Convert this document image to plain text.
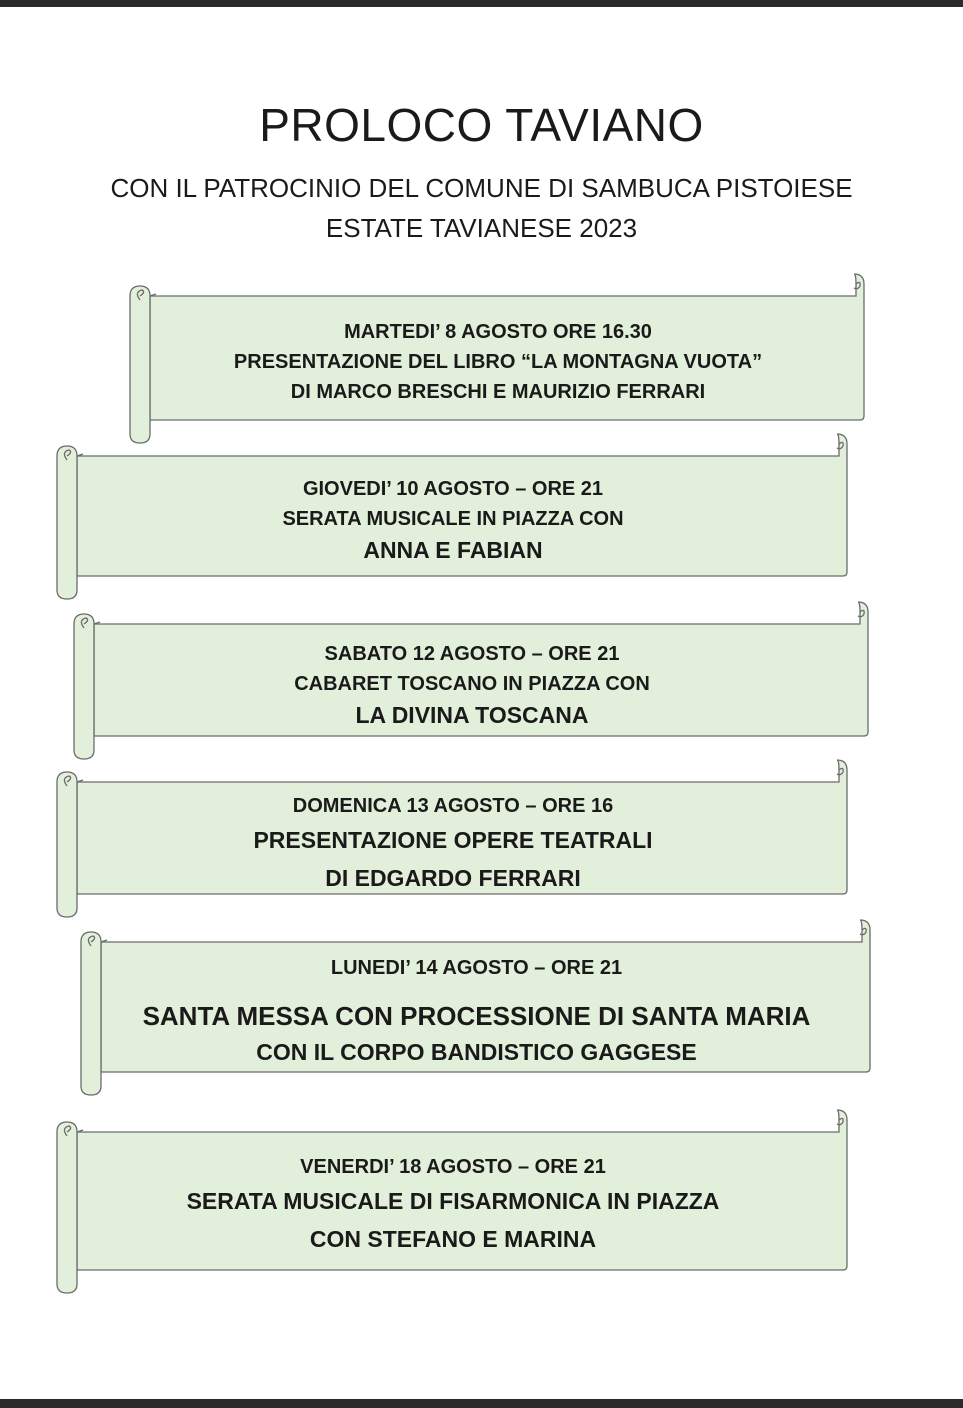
PROLOCO TAVIANO
CON IL PATROCINIO DEL COMUNE DI SAMBUCA PISTOIESE
ESTATE TAVIANESE 2023
MARTEDI’ 8 AGOSTO ORE 16.30
PRESENTAZIONE DEL LIBRO “LA MONTAGNA VUOTA”
DI MARCO BRESCHI E MAURIZIO FERRARI
GIOVEDI’ 10 AGOSTO – ORE 21
SERATA MUSICALE IN PIAZZA CON
ANNA E FABIAN
SABATO 12 AGOSTO – ORE 21
CABARET TOSCANO IN PIAZZA CON
LA DIVINA TOSCANA
DOMENICA 13 AGOSTO – ORE 16
PRESENTAZIONE OPERE TEATRALI
DI EDGARDO FERRARI
LUNEDI’ 14 AGOSTO – ORE 21
SANTA MESSA CON PROCESSIONE DI SANTA MARIA
CON IL CORPO BANDISTICO GAGGESE
VENERDI’ 18 AGOSTO – ORE 21
SERATA MUSICALE DI FISARMONICA IN PIAZZA
CON STEFANO E MARINA
